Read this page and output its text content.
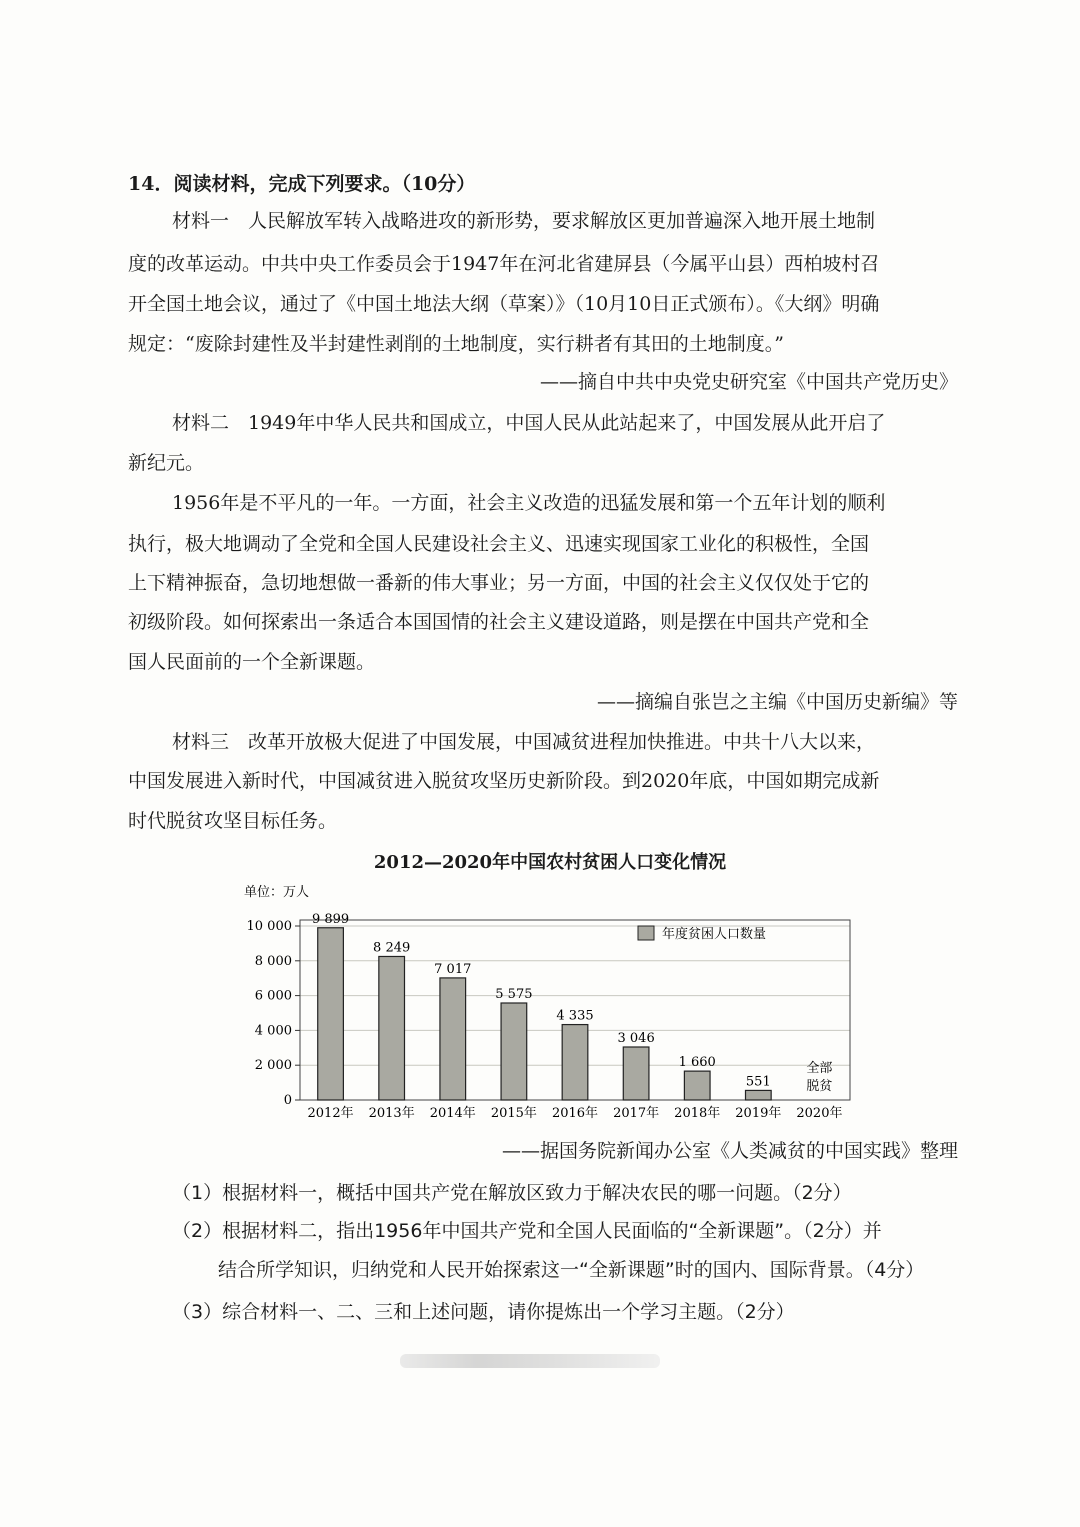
14．阅读材料，完成下列要求。（10分）
材料一　人民解放军转入战略进攻的新形势，要求解放区更加普遍深入地开展土地制
度的改革运动。中共中央工作委员会于1947年在河北省建屏县（今属平山县）西柏坡村召
开全国土地会议，通过了《中国土地法大纲（草案）》（10月10日正式颁布）。《大纲》明确
规定：“废除封建性及半封建性剥削的土地制度，实行耕者有其田的土地制度。”
——摘自中共中央党史研究室《中国共产党历史》
材料二　1949年中华人民共和国成立，中国人民从此站起来了，中国发展从此开启了
新纪元。
1956年是不平凡的一年。一方面，社会主义改造的迅猛发展和第一个五年计划的顺利
执行，极大地调动了全党和全国人民建设社会主义、迅速实现国家工业化的积极性，全国
上下精神振奋，急切地想做一番新的伟大事业；另一方面，中国的社会主义仅仅处于它的
初级阶段。如何探索出一条适合本国国情的社会主义建设道路，则是摆在中国共产党和全
国人民面前的一个全新课题。
——摘编自张岂之主编《中国历史新编》等
材料三　改革开放极大促进了中国发展，中国减贫进程加快推进。中共十八大以来，
中国发展进入新时代，中国减贫进入脱贫攻坚历史新阶段。到2020年底，中国如期完成新
时代脱贫攻坚目标任务。
2012—2020年中国农村贫困人口变化情况
单位：万人
0
2 000
4 000
6 000
8 000
10 000
2012年 2013年 2014年 2015年 2016年 2017年 2018年 2019年 2020年
9 899
8 249
7 017
5 575
4 335
3 046
1 660
551
全部
脱贫
年度贫困人口数量
——据国务院新闻办公室《人类减贫的中国实践》整理
（1）根据材料一，概括中国共产党在解放区致力于解决农民的哪一问题。（2分）
（2）根据材料二，指出1956年中国共产党和全国人民面临的“全新课题”。（2分）并
结合所学知识，归纳党和人民开始探索这一“全新课题”时的国内、国际背景。（4分）
（3）综合材料一、二、三和上述问题，请你提炼出一个学习主题。（2分）
